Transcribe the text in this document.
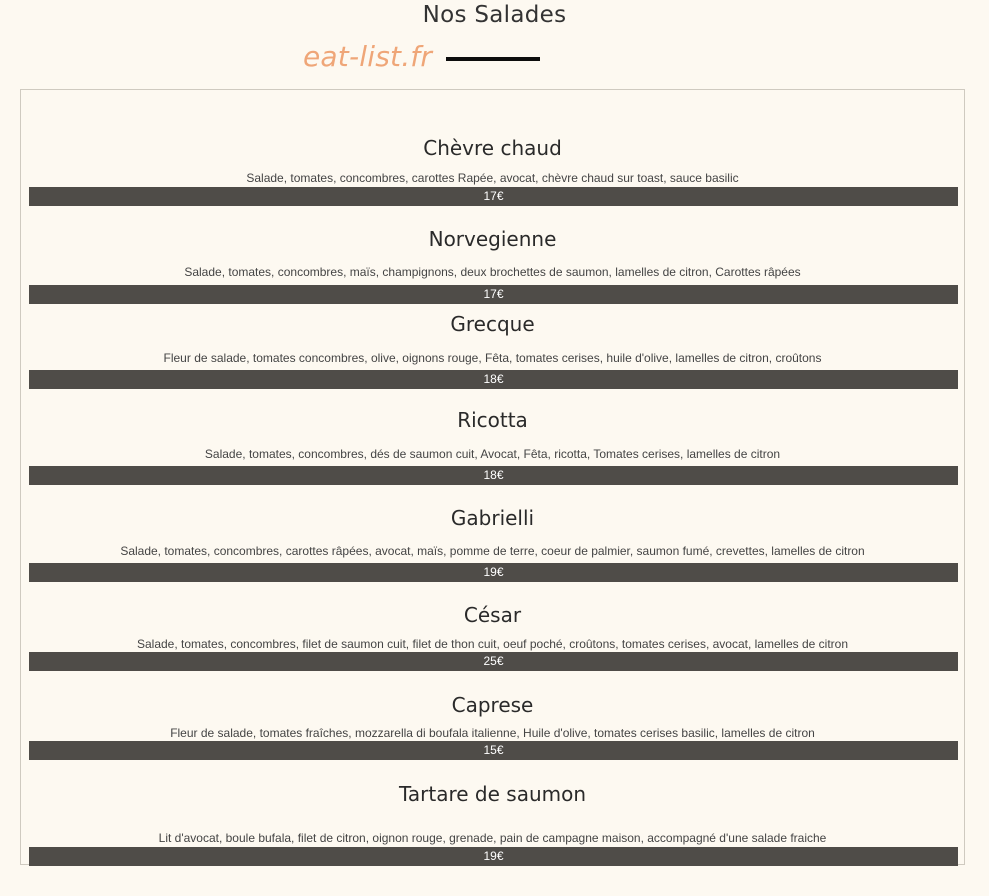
Nos Salades
eat-list.fr
Chèvre chaud
Salade, tomates, concombres, carottes Rapée, avocat, chèvre chaud sur toast, sauce basilic
17€
Norvegienne
Salade, tomates, concombres, maïs, champignons, deux brochettes de saumon, lamelles de citron, Carottes râpées
17€
Grecque
Fleur de salade, tomates concombres, olive, oignons rouge, Fêta, tomates cerises, huile d'olive, lamelles de citron, croûtons
18€
Ricotta
Salade, tomates, concombres, dés de saumon cuit, Avocat, Fêta, ricotta, Tomates cerises, lamelles de citron
18€
Gabrielli
Salade, tomates, concombres, carottes râpées, avocat, maïs, pomme de terre, coeur de palmier, saumon fumé, crevettes, lamelles de citron
19€
César
Salade, tomates, concombres, filet de saumon cuit, filet de thon cuit, oeuf poché, croûtons, tomates cerises, avocat, lamelles de citron
25€
Caprese
Fleur de salade, tomates fraîches, mozzarella di boufala italienne, Huile d'olive, tomates cerises basilic, lamelles de citron
15€
Tartare de saumon
Lit d'avocat, boule bufala, filet de citron, oignon rouge, grenade, pain de campagne maison, accompagné d'une salade fraiche
19€
